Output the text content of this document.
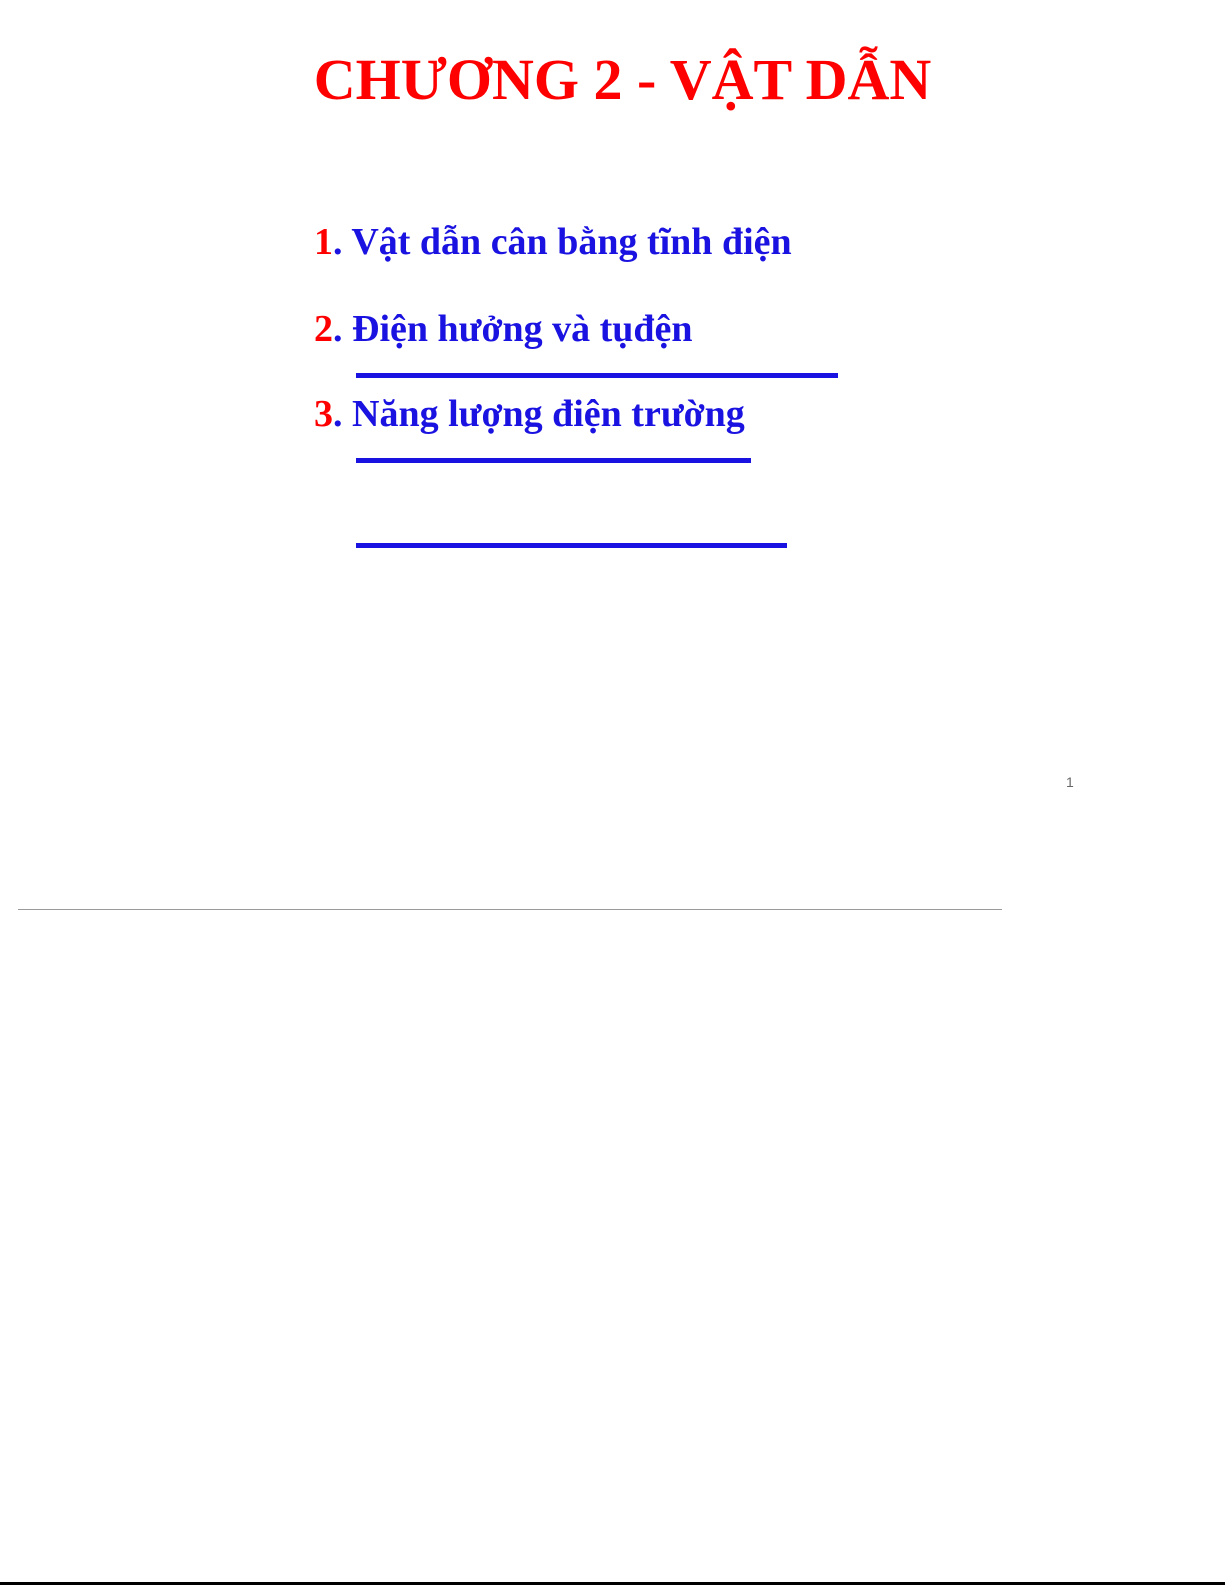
CHƯƠNG 2 - VẬT DẪN
1. Vật dẫn cân bằng tĩnh điện
2. Điện hưởng và tụđện
3. Năng lượng điện trường
1
